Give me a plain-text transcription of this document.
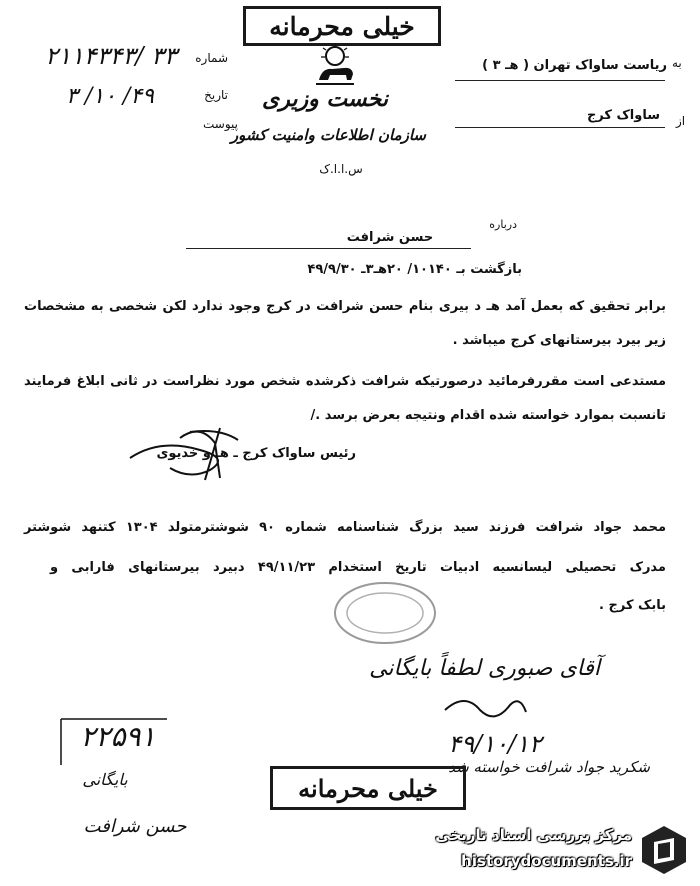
خیلی محرمانه
نخست وزیری
سازمان اطلاعات وامنیت کشور
س.ا.ا.ک
شماره
تاریخ
پیوست
۳۳ /۲۱۱۴۳۴۳
۴۹/ ۱۰/ ۳
به
ریاست ساواک تهران ( هـ ۳ )
از
ساواک کرج
درباره
حسن شرافت
بازگشت بـ ۱۰۱۴۰/ ۲۰هـ۳ـ ۴۹/۹/۳۰
برابر تحقیق که بعمل آمد هـ د بیری بنام حسن شرافت در کرج وجود ندارد لکن شخصی به مشخصات
زیر بیرد بیرستانهای کرج میباشد .
مستدعی است مقررفرمائید درصورتیکه شرافت ذکرشده شخص مورد نظراست در ثانی ابلاغ فرمایند
تانسبت بموارد خواسته شده اقدام ونتیجه بعرض برسد ./
رئیس ساواک کرج ـ هـ و خدیوی
محمد جواد شرافت فرزند سید بزرگ شناسنامه شماره ۹۰ شوشترمتولد ۱۳۰۴ کتنهد شوشتر
مدرک تحصیلی لیسانسیه ادبیات تاریخ استخدام ۴۹/۱۱/۲۳ دبیرد بیرستانهای فارابی و
بابک کرج .
آقای صبوری لطفاً بایگانی
۴۹/۱۰/۱۲
شکرید جواد شرافت خواسته شد
۲۲۵۹۱
بایگانی
حسن شرافت
خیلی محرمانه
مرکز بررسی اسناد تاریخی
historydocuments.ir
